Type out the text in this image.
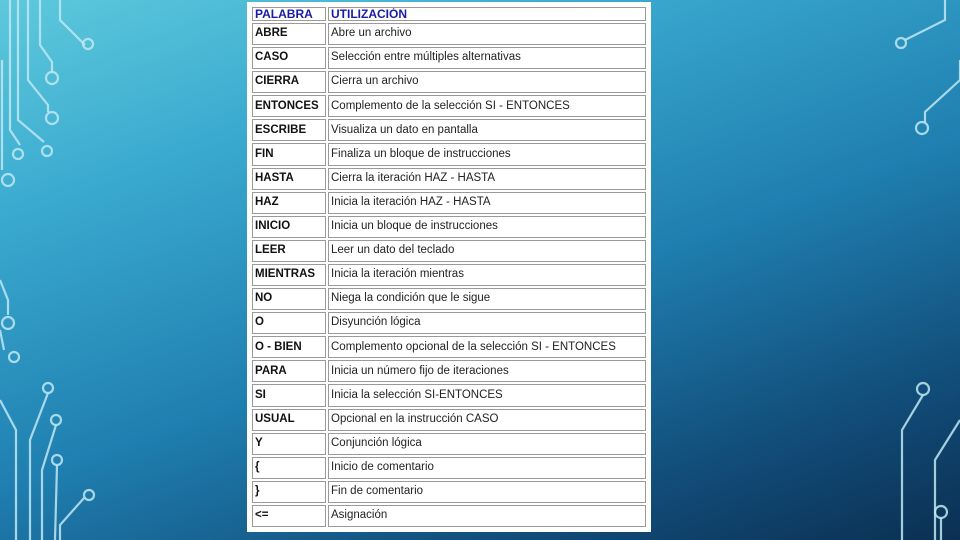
PALABRA	UTILIZACIÓN
ABRE	Abre un archivo
CASO	Selección entre múltiples alternativas
CIERRA	Cierra un archivo
ENTONCES	Complemento de la selección SI - ENTONCES
ESCRIBE	Visualiza un dato en pantalla
FIN	Finaliza un bloque de instrucciones
HASTA	Cierra la iteración HAZ - HASTA
HAZ	Inicia la iteración HAZ - HASTA
INICIO	Inicia un bloque de instrucciones
LEER	Leer un dato del teclado
MIENTRAS	Inicia la iteración mientras
NO	Niega la condición que le sigue
O	Disyunción lógica
O - BIEN	Complemento opcional de la selección SI - ENTONCES
PARA	Inicia un número fijo de iteraciones
SI	Inicia la selección SI-ENTONCES
USUAL	Opcional en la instrucción CASO
Y	Conjunción lógica
{	Inicio de comentario
}	Fin de comentario
<=	Asignación
